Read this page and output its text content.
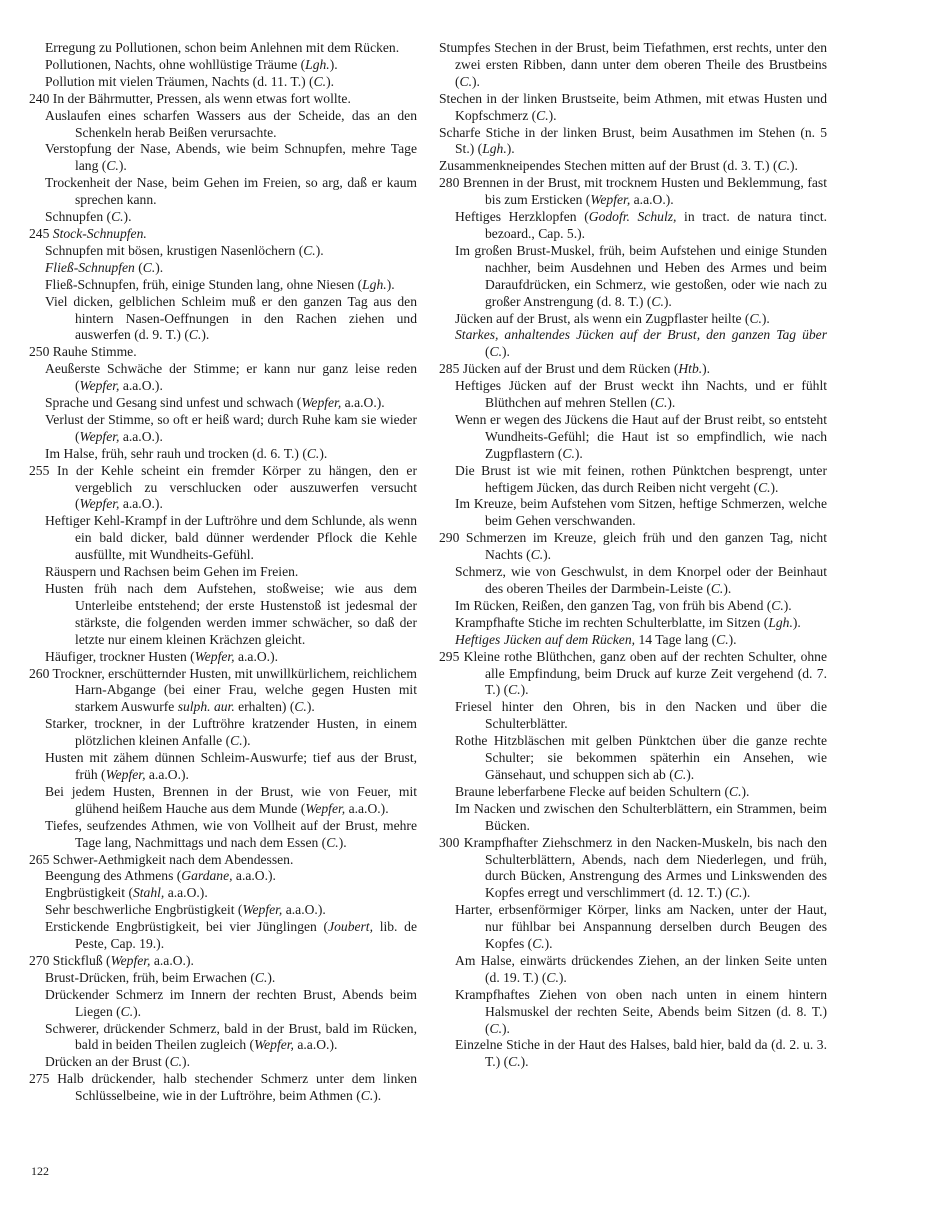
Erregung zu Pollutionen, schon beim Anlehnen mit dem Rücken.

Pollutionen, Nachts, ohne wohllüstige Träume (Lgh.).

Pollution mit vielen Träumen, Nachts (d. 11. T.) (C.).

240 In der Bährmutter, Pressen, als wenn etwas fort wollte.

Auslaufen eines scharfen Wassers aus der Scheide, das an den Schenkeln herab Beißen verursachte.

Verstopfung der Nase, Abends, wie beim Schnupfen, mehre Tage lang (C.).

Trockenheit der Nase, beim Gehen im Freien, so arg, daß er kaum sprechen kann.

Schnupfen (C.).

245 Stock-Schnupfen.

Schnupfen mit bösen, krustigen Nasenlöchern (C.).

Fließ-Schnupfen (C.).

Fließ-Schnupfen, früh, einige Stunden lang, ohne Niesen (Lgh.).

Viel dicken, gelblichen Schleim muß er den ganzen Tag aus den hintern Nasen-Oeffnungen in den Rachen ziehen und auswerfen (d. 9. T.) (C.).

250 Rauhe Stimme.

Aeußerste Schwäche der Stimme; er kann nur ganz leise reden (Wepfer, a.a.O.).

Sprache und Gesang sind unfest und schwach (Wepfer, a.a.O.).

Verlust der Stimme, so oft er heiß ward; durch Ruhe kam sie wieder (Wepfer, a.a.O.).

Im Halse, früh, sehr rauh und trocken (d. 6. T.) (C.).

255 In der Kehle scheint ein fremder Körper zu hängen, den er vergeblich zu verschlucken oder auszuwerfen versucht (Wepfer, a.a.O.).

Heftiger Kehl-Krampf in der Luftröhre und dem Schlunde, als wenn ein bald dicker, bald dünner werdender Pflock die Kehle ausfüllte, mit Wundheits-Gefühl.

Räuspern und Rachsen beim Gehen im Freien.

Husten früh nach dem Aufstehen, stoßweise; wie aus dem Unterleibe entstehend; der erste Hustenstoß ist jedesmal der stärkste, die folgenden werden immer schwächer, so daß der letzte nur einem kleinen Krächzen gleicht.

Häufiger, trockner Husten (Wepfer, a.a.O.).

260 Trockner, erschütternder Husten, mit unwillkürlichem, reichlichem Harn-Abgange (bei einer Frau, welche gegen Husten mit starkem Auswurfe sulph. aur. erhalten) (C.).

Starker, trockner, in der Luftröhre kratzender Husten, in einem plötzlichen kleinen Anfalle (C.).

Husten mit zähem dünnen Schleim-Auswurfe; tief aus der Brust, früh (Wepfer, a.a.O.).

Bei jedem Husten, Brennen in der Brust, wie von Feuer, mit glühend heißem Hauche aus dem Munde (Wepfer, a.a.O.).

Tiefes, seufzendes Athmen, wie von Vollheit auf der Brust, mehre Tage lang, Nachmittags und nach dem Essen (C.).

265 Schwer-Aethmigkeit nach dem Abendessen.

Beengung des Athmens (Gardane, a.a.O.).

Engbrüstigkeit (Stahl, a.a.O.).

Sehr beschwerliche Engbrüstigkeit (Wepfer, a.a.O.).

Erstickende Engbrüstigkeit, bei vier Jünglingen (Joubert, lib. de Peste, Cap. 19.).

270 Stickfluß (Wepfer, a.a.O.).

Brust-Drücken, früh, beim Erwachen (C.).

Drückender Schmerz im Innern der rechten Brust, Abends beim Liegen (C.).

Schwerer, drückender Schmerz, bald in der Brust, bald im Rücken, bald in beiden Theilen zugleich (Wepfer, a.a.O.).

Drücken an der Brust (C.).

275 Halb drückender, halb stechender Schmerz unter dem linken Schlüsselbeine, wie in der Luftröhre, beim Athmen (C.).

Stumpfes Stechen in der Brust, beim Tiefathmen, erst rechts, unter den zwei ersten Ribben, dann unter dem oberen Theile des Brustbeins (C.).

Stechen in der linken Brustseite, beim Athmen, mit etwas Husten und Kopfschmerz (C.).

Scharfe Stiche in der linken Brust, beim Ausathmen im Stehen (n. 5 St.) (Lgh.).

Zusammenkneipendes Stechen mitten auf der Brust (d. 3. T.) (C.).

280 Brennen in der Brust, mit trocknem Husten und Beklemmung, fast bis zum Ersticken (Wepfer, a.a.O.).

Heftiges Herzklopfen (Godofr. Schulz, in tract. de natura tinct. bezoard., Cap. 5.).

Im großen Brust-Muskel, früh, beim Aufstehen und einige Stunden nachher, beim Ausdehnen und Heben des Armes und beim Daraufdrücken, ein Schmerz, wie gestoßen, oder wie nach zu großer Anstrengung (d. 8. T.) (C.).

Jücken auf der Brust, als wenn ein Zugpflaster heilte (C.).

Starkes, anhaltendes Jücken auf der Brust, den ganzen Tag über (C.).

285 Jücken auf der Brust und dem Rücken (Htb.).

Heftiges Jücken auf der Brust weckt ihn Nachts, und er fühlt Blüthchen auf mehren Stellen (C.).

Wenn er wegen des Jückens die Haut auf der Brust reibt, so entsteht Wundheits-Gefühl; die Haut ist so empfindlich, wie nach Zugpflastern (C.).

Die Brust ist wie mit feinen, rothen Pünktchen besprengt, unter heftigem Jücken, das durch Reiben nicht vergeht (C.).

Im Kreuze, beim Aufstehen vom Sitzen, heftige Schmerzen, welche beim Gehen verschwanden.

290 Schmerzen im Kreuze, gleich früh und den ganzen Tag, nicht Nachts (C.).

Schmerz, wie von Geschwulst, in dem Knorpel oder der Beinhaut des oberen Theiles der Darmbein-Leiste (C.).

Im Rücken, Reißen, den ganzen Tag, von früh bis Abend (C.).

Krampfhafte Stiche im rechten Schulterblatte, im Sitzen (Lgh.).

Heftiges Jücken auf dem Rücken, 14 Tage lang (C.).

295 Kleine rothe Blüthchen, ganz oben auf der rechten Schulter, ohne alle Empfindung, beim Druck auf kurze Zeit vergehend (d. 7. T.) (C.).

Friesel hinter den Ohren, bis in den Nacken und über die Schulterblätter.

Rothe Hitzbläschen mit gelben Pünktchen über die ganze rechte Schulter; sie bekommen späterhin ein Ansehen, wie Gänsehaut, und schuppen sich ab (C.).

Braune leberfarbene Flecke auf beiden Schultern (C.).

Im Nacken und zwischen den Schulterblättern, ein Strammen, beim Bücken.

300 Krampfhafter Ziehschmerz in den Nacken-Muskeln, bis nach den Schulterblättern, Abends, nach dem Niederlegen, und früh, durch Bücken, Anstrengung des Armes und Linkswenden des Kopfes erregt und verschlimmert (d. 12. T.) (C.).

Harter, erbsenförmiger Körper, links am Nacken, unter der Haut, nur fühlbar bei Anspannung derselben durch Beugen des Kopfes (C.).

Am Halse, einwärts drückendes Ziehen, an der linken Seite unten (d. 19. T.) (C.).

Krampfhaftes Ziehen von oben nach unten in einem hintern Halsmuskel der rechten Seite, Abends beim Sitzen (d. 8. T.) (C.).

Einzelne Stiche in der Haut des Halses, bald hier, bald da (d. 2. u. 3. T.) (C.).

122
